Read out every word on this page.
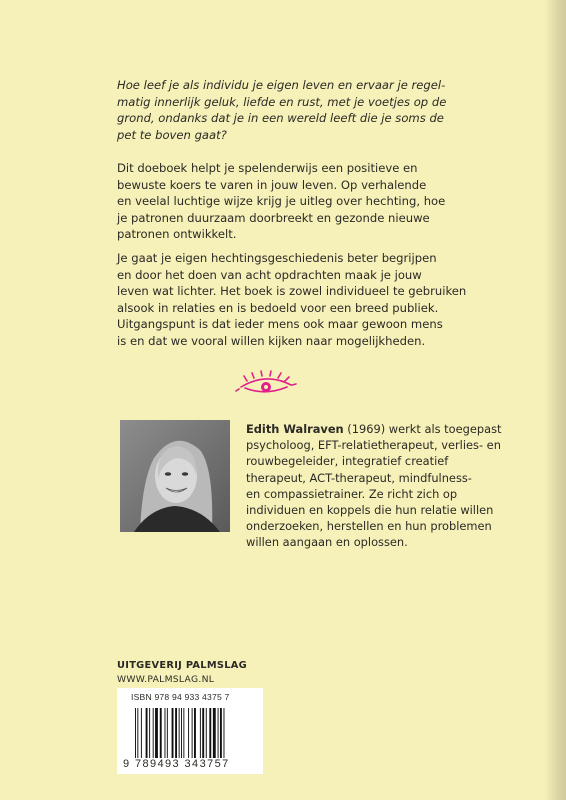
Hoe leef je als individu je eigen leven en ervaar je regel-
matig innerlijk geluk, liefde en rust, met je voetjes op de
grond, ondanks dat je in een wereld leeft die je soms de
pet te boven gaat?

Dit doeboek helpt je spelenderwijs een positieve en
bewuste koers te varen in jouw leven. Op verhalende
en veelal luchtige wijze krijg je uitleg over hechting, hoe
je patronen duurzaam doorbreekt en gezonde nieuwe
patronen ontwikkelt.

Je gaat je eigen hechtingsgeschiedenis beter begrijpen
en door het doen van acht opdrachten maak je jouw
leven wat lichter. Het boek is zowel individueel te gebruiken
alsook in relaties en is bedoeld voor een breed publiek.
Uitgangspunt is dat ieder mens ook maar gewoon mens
is en dat we vooral willen kijken naar mogelijkheden.

Edith Walraven (1969) werkt als toegepast
psycholoog, EFT-relatietherapeut, verlies- en
rouwbegeleider, integratief creatief
therapeut, ACT-therapeut, mindfulness-
en compassietrainer. Ze richt zich op
individuen en koppels die hun relatie willen
onderzoeken, herstellen en hun problemen
willen aangaan en oplossen.

UITGEVERIJ PALMSLAG
WWW.PALMSLAG.NL
ISBN 978 94 933 4375 7
9 789493 343757
